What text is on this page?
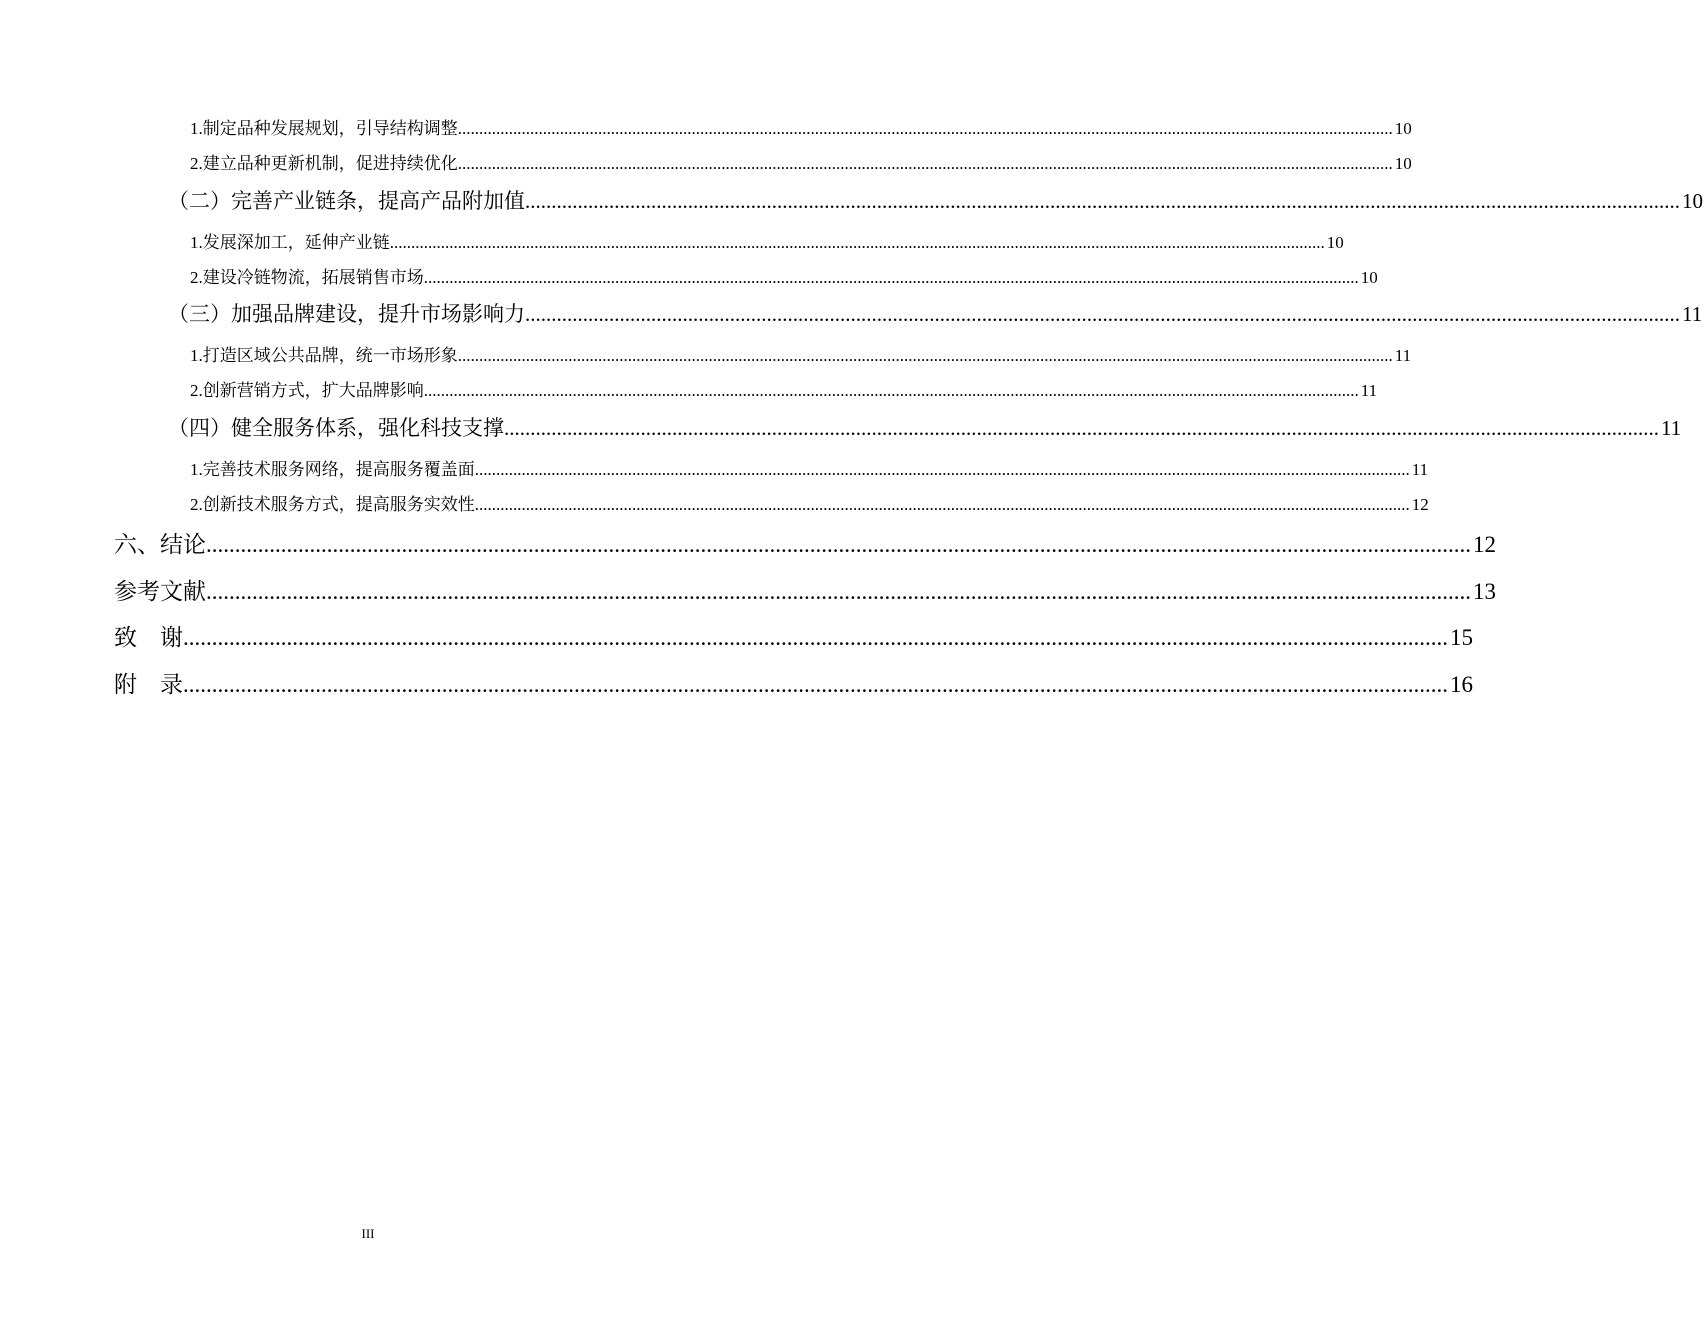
1. 制定品种发展规划，引导结构调整 ............................................................................................................................................................................................................................ 10
2. 建立品种更新机制，促进持续优化 ............................................................................................................................................................................................................................ 10
（二） 完善产业链条，提高产品附加值 ............................................................................................................................................................................................................................ 10
1. 发展深加工，延伸产业链 ............................................................................................................................................................................................................................ 10
2. 建设冷链物流，拓展销售市场 ............................................................................................................................................................................................................................ 10
（三） 加强品牌建设，提升市场影响力 ............................................................................................................................................................................................................................ 11
1. 打造区域公共品牌，统一市场形象 ............................................................................................................................................................................................................................ 11
2. 创新营销方式，扩大品牌影响 ............................................................................................................................................................................................................................ 11
（四） 健全服务体系，强化科技支撑 ............................................................................................................................................................................................................................ 11
1. 完善技术服务网络，提高服务覆盖面 ............................................................................................................................................................................................................................ 11
2. 创新技术服务方式，提高服务实效性 ............................................................................................................................................................................................................................ 12
六、 结论 ............................................................................................................................................................................................................................ 12
参考文献 ............................................................................................................................................................................................................................ 13
致　谢 ............................................................................................................................................................................................................................ 15
附　录 ............................................................................................................................................................................................................................ 16
III
